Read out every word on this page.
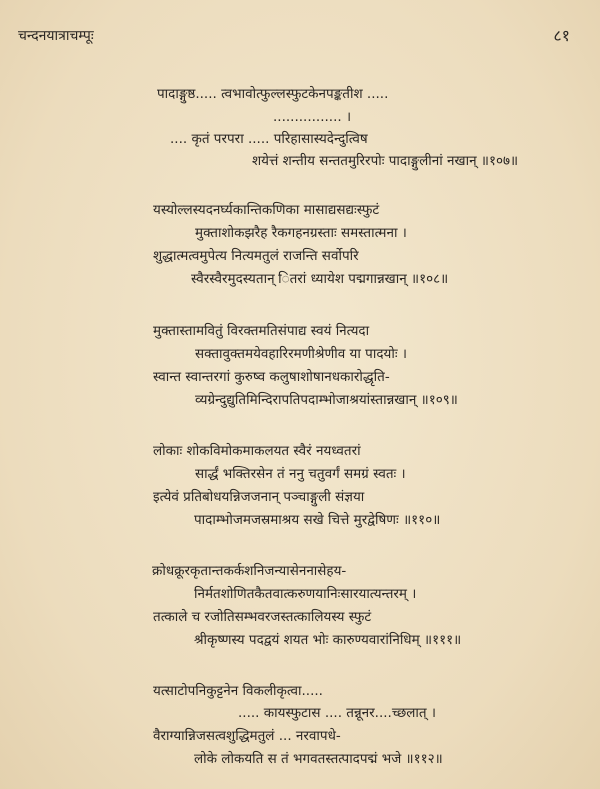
चन्दनयात्राचम्पूः	८१
पादाङ्गुष्ठ..... त्वभावोत्फुल्लस्फुटकेनपङ्कतीश .....
................ ।
.... कृतं परपरा ..... परिहासास्यदेन्दुत्विष
शयेत्तं शन्तीय सन्ततमुरिरपोः पादाङ्गुलीनां नखान् ॥१०७॥
यस्योल्लस्यदनर्घ्यकान्तिकणिका मासाद्यसद्यःस्फुटं
मुक्ताशोकझरैह रैकगहनग्रस्ताः समस्तात्मना ।
शुद्धात्मत्वमुपेत्य नित्यमतुलं राजन्ति सर्वोपरि
स्वैरस्वैरमुदस्यतान् ितरां ध्यायेश पद्मगान्नखान् ॥१०८॥
मुक्तास्तामवितुं विरक्तमतिसंपाद्य स्वयं नित्यदा
सक्तावुक्तमयेवहारिरमणीश्रेणीव या पादयोः ।
स्वान्त स्वान्तरगां कुरुष्व कलुषाशोषानधकारोद्धृति-
व्यग्रेन्दुद्युतिमिन्दिरापतिपदाम्भोजाश्रयांस्तान्नखान् ॥१०९॥
लोकाः शोकविमोकमाकलयत स्वैरं नयध्वतरां
सार्द्धं भक्तिरसेन तं ननु चतुवर्गं समग्रं स्वतः ।
इत्येवं प्रतिबोधयन्निजजनान् पञ्चाङ्गुली संज्ञया
पादाम्भोजमजस्रमाश्रय सखे चित्ते मुरद्वेषिणः ॥११०॥
क्रोधक्रूरकृतान्तकर्कशनिजन्यासेननासेहय-
निर्मतशोणितकैतवात्करुणयानिःसारयात्यन्तरम् ।
तत्काले च रजोतिसम्भवरजस्तत्कालियस्य स्फुटं
श्रीकृष्णस्य पदद्वयं शयत भोः कारुण्यवारांनिधिम् ॥१११॥
यत्साटोपनिकुट्टनेन विकलीकृत्वा.....
..... कायस्फुटास .... तन्नूनर....च्छलात् ।
वैराग्यान्निजसत्वशुद्धिमतुलं ... नरवापधे-
लोके लोकयति स तं भगवतस्तत्पादपद्मं भजे ॥११२॥
